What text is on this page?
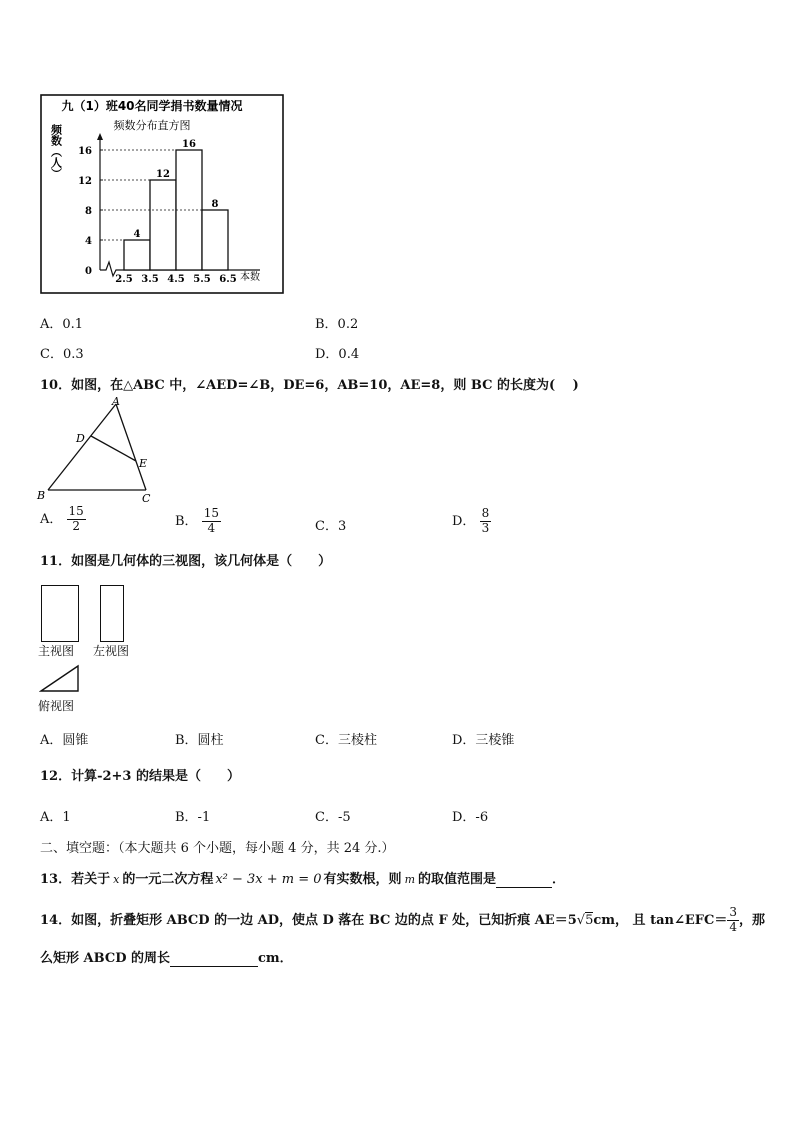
九（1）班40名同学捐书数量情况
频数分布直方图
频数（人）
本数
0
4
8
12
16
4
12
16
8
2.5 3.5 4.5 5.5 6.5
A．0.1	B．0.2
C．0.3	D．0.4
10．如图，在△ABC 中，∠AED=∠B，DE=6，AB=10，AE=8，则 BC 的长度为(　 )
A
D
E
B	C
A． $\frac{15}{2}$	B． $\frac{15}{4}$	C．3	D． $\frac{8}{3}$
11．如图是几何体的三视图，该几何体是（　　）
主视图 左视图
俯视图
A．圆锥	B．圆柱	C．三棱柱	D．三棱锥
12．计算-2+3 的结果是（　　）
A．1	B．-1	C．-5	D．-6
二、填空题：（本大题共 6 个小题，每小题 4 分，共 24 分.）
13．若关于 x 的一元二次方程 x² − 3x + m = 0 有实数根，则 m 的取值范围是	．
14．如图，折叠矩形 ABCD 的一边 AD，使点 D 落在 BC 边的点 F 处，已知折痕 AE＝5√5cm， 且 tan∠EFC＝ $\frac{3}{4}$ ，那
么矩形 ABCD 的周长	cm．
